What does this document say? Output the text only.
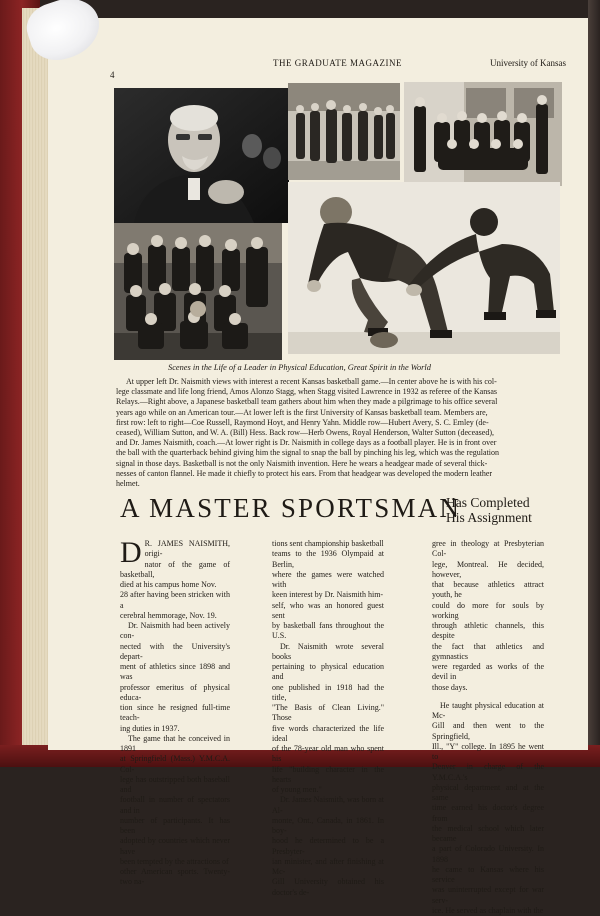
THE GRADUATE MAGAZINE	University of Kansas
4
Scenes in the Life of a Leader in Physical Education, Great Spirit in the World
At upper left Dr. Naismith views with interest a recent Kansas basketball game.—In center above he is with his col-
lege classmate and life long friend, Amos Alonzo Stagg, when Stagg visited Lawrence in 1932 as referee of the Kansas
Relays.—Right above, a Japanese basketball team gathers about him when they made a pilgrimage to his office several
years ago while on an American tour.—At lower left is the first University of Kansas basketball team. Members are,
first row: left to right—Coe Russell, Raymond Hoyt, and Henry Yahn. Middle row—Hubert Avery, S. C. Emley (de-
ceased), William Sutton, and W. A. (Bill) Hess. Back row—Herb Owens, Royal Henderson, Walter Sutton (deceased),
and Dr. James Naismith, coach.—At lower right is Dr. Naismith in college days as a football player. He is in front over
the ball with the quarterback behind giving him the signal to snap the ball by pinching his leg, which was the regulation
signal in those days. Basketball is not the only Naismith invention. Here he wears a headgear made of several thick-
nesses of canton flannel. He made it chiefly to protect his ears. From that headgear was developed the modern leather
helmet.
A MASTER SPORTSMAN
Has Completed
His Assignment
D R. JAMES NAISMITH, origi-
nator of the game of basketball,
died at his campus home Nov.
28 after having been stricken with a
cerebral hemmorage, Nov. 19.
Dr. Naismith had been actively con-
nected with the University's depart-
ment of athletics since 1898 and was
professor emeritus of physical educa-
tion since he resigned full-time teach-
ing duties in 1937.
The game that he conceived in 1891
at Springfield (Mass.) Y.M.C.A. Col-
lege has outstripped both baseball and
football in number of spectators and in
number of participants. It has been
adopted by countries which never have
been tempted by the attractions of
other American sports. Twenty-two na-
tions sent championship basketball
teams to the 1936 Olympaid at Berlin,
where the games were watched with
keen interest by Dr. Naismith him-
self, who was an honored guest sent
by basketball fans throughout the U.S.
Dr. Naismith wrote several books
pertaining to physical education and
one published in 1918 had the title,
"The Basis of Clean Living." Those
five words characterized the life ideal
of the 78-year old man who spent his
life "building character in the hearts
of young men."
Dr. James Naismith, was born at Al-
monte, Ont., Canada, in 1861. In boy-
hood he determined to be a Presbyter-
ian minister, and after finishing at Mc-
Gill University obtained his doctor's de-
gree in theology at Presbyterian Col-
lege, Montreal. He decided, however,
that because athletics attract youth, he
could do more for souls by working
through athletic channels, this despite
the fact that athletics and gymnastics
were regarded as works of the devil in
those days.
He taught physical education at Mc-
Gill and then went to the Springfield,
Ill., "Y" college. In 1895 he went to
Denver in charge of the Y.M.C.A.'s
physical department and at the same
time earned his doctor's degree from
the medical school which later became
a part of Colorado University. In 1898
he came to Kansas where his service
was uninterrupted except for war serv-
ice. He served as chaplain with the
